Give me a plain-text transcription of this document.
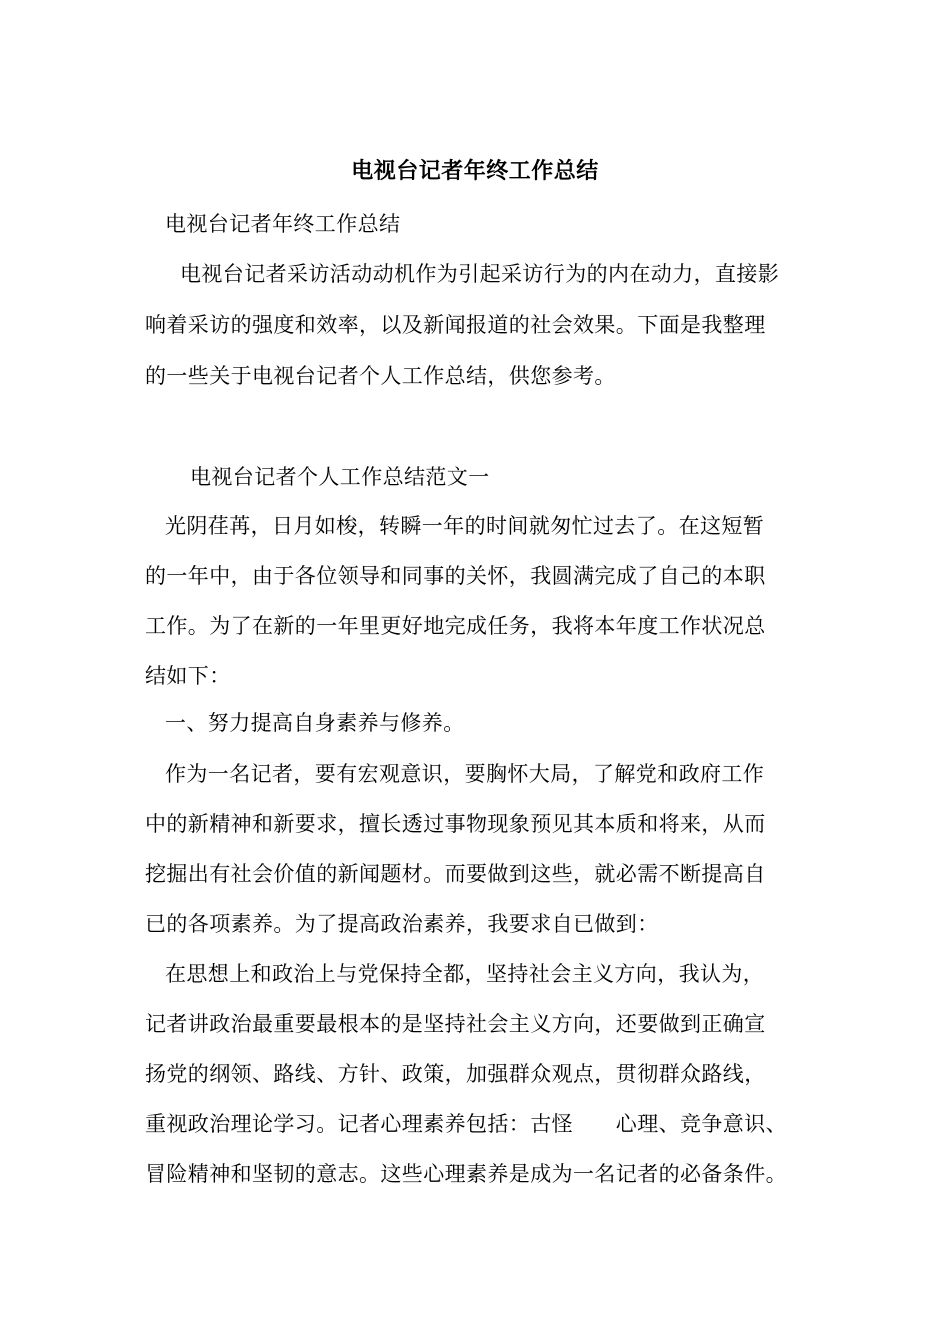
电视台记者年终工作总结
电视台记者年终工作总结
电视台记者采访活动动机作为引起采访行为的内在动力，直接影
响着采访的强度和效率，以及新闻报道的社会效果。下面是我整理
的一些关于电视台记者个人工作总结，供您参考。
电视台记者个人工作总结范文一
光阴荏苒，日月如梭，转瞬一年的时间就匆忙过去了。在这短暂
的一年中，由于各位领导和同事的关怀，我圆满完成了自己的本职
工作。为了在新的一年里更好地完成任务，我将本年度工作状况总
结如下：
一、努力提高自身素养与修养。
作为一名记者，要有宏观意识，要胸怀大局，了解党和政府工作
中的新精神和新要求，擅长透过事物现象预见其本质和将来，从而
挖掘出有社会价值的新闻题材。而要做到这些，就必需不断提高自
已的各项素养。为了提高政治素养，我要求自已做到：
在思想上和政治上与党保持全都，坚持社会主义方向，我认为，
记者讲政治最重要最根本的是坚持社会主义方向，还要做到正确宣
扬党的纲领、路线、方针、政策，加强群众观点，贯彻群众路线，
重视政治理论学习。记者心理素养包括：古怪　　心理、竞争意识、
冒险精神和坚韧的意志。这些心理素养是成为一名记者的必备条件。
